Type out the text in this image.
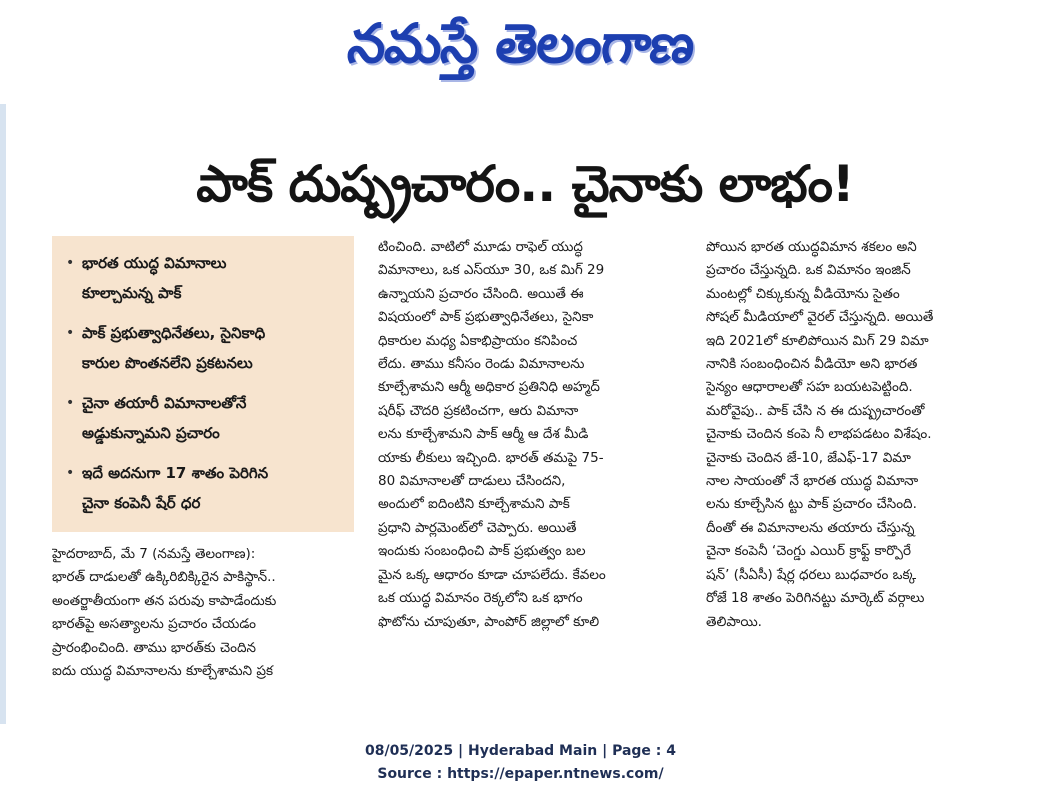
నమస్తే తెలంగాణ
పాక్ దుష్ప్రచారం.. చైనాకు లాభం!
• భారత యుద్ధ విమానాలు
కూల్చామన్న పాక్
• పాక్ ప్రభుత్వాధినేతలు, సైనికాధి
కారుల పొంతనలేని ప్రకటనలు
• చైనా తయారీ విమానాలతోనే
అడ్డుకున్నామని ప్రచారం
• ఇదే అదనుగా 17 శాతం పెరిగిన
చైనా కంపెనీ షేర్ ధర

హైదరాబాద్, మే 7 (నమస్తే తెలంగాణ):

భారత్ దాడులతో ఉక్కిరిబిక్కిరైన పాకిస్థాన్..

అంతర్జాతీయంగా తన పరువు కాపాడేందుకు

భారత్‌పై అసత్యాలను ప్రచారం చేయడం

ప్రారంభించింది. తాము భారత్‌కు చెందిన

ఐదు యుద్ధ విమానాలను కూల్చేశామని ప్రక

టించింది. వాటిలో మూడు రాఫెల్ యుద్ధ

విమానాలు, ఒక ఎస్‌యూ 30, ఒక మిగ్ 29

ఉన్నాయని ప్రచారం చేసింది. అయితే ఈ

విషయంలో పాక్ ప్రభుత్వాధినేతలు, సైనికా

ధికారుల మధ్య ఏకాభిప్రాయం కనిపించ

లేదు. తాము కనీసం రెండు విమానాలను

కూల్చేశామని ఆర్మీ అధికార ప్రతినిధి అహ్మద్

షరీఫ్ చౌదరి ప్రకటించగా, ఆరు విమానా

లను కూల్చేశామని పాక్ ఆర్మీ ఆ దేశ మీడి

యాకు లీకులు ఇచ్చింది. భారత్ తమపై 75-

80 విమానాలతో దాడులు చేసిందని,

అందులో ఐదింటిని కూల్చేశామని పాక్

ప్రధాని పార్లమెంట్‌లో చెప్పారు. అయితే

ఇందుకు సంబంధించి పాక్ ప్రభుత్వం బల

మైన ఒక్క ఆధారం కూడా చూపలేదు. కేవలం

ఒక యుద్ధ విమానం రెక్కలోని ఒక భాగం

ఫొటోను చూపుతూ, పాంపోర్ జిల్లాలో కూలి

పోయిన భారత యుద్ధవిమాన శకలం అని

ప్రచారం చేస్తున్నది. ఒక విమానం ఇంజిన్

మంటల్లో చిక్కుకున్న వీడియోను సైతం

సోషల్ మీడియాలో వైరల్ చేస్తున్నది. అయితే

ఇది 2021లో కూలిపోయిన మిగ్ 29 విమా

నానికి సంబంధించిన వీడియో అని భారత

సైన్యం ఆధారాలతో సహ బయటపెట్టింది.

మరోవైపు.. పాక్ చేసి న ఈ దుష్ప్రచారంతో

చైనాకు చెందిన కంపె నీ లాభపడటం విశేషం.

చైనాకు చెందిన జే-10, జేఎఫ్-17 విమా

నాల సాయంతో నే భారత యుద్ధ విమానా

లను కూల్చేసిన ట్టు పాక్ ప్రచారం చేసింది.

దీంతో ఈ విమానాలను తయారు చేస్తున్న

చైనా కంపెనీ ‘చెంగ్డు ఎయిర్ క్రాఫ్ట్ కార్పొరే

షన్’ (సీఏసీ) షేర్ల ధరలు బుధవారం ఒక్క

రోజే 18 శాతం పెరిగినట్టు మార్కెట్ వర్గాలు

తెలిపాయి.

08/05/2025 | Hyderabad Main | Page : 4
Source : https://epaper.ntnews.com/
